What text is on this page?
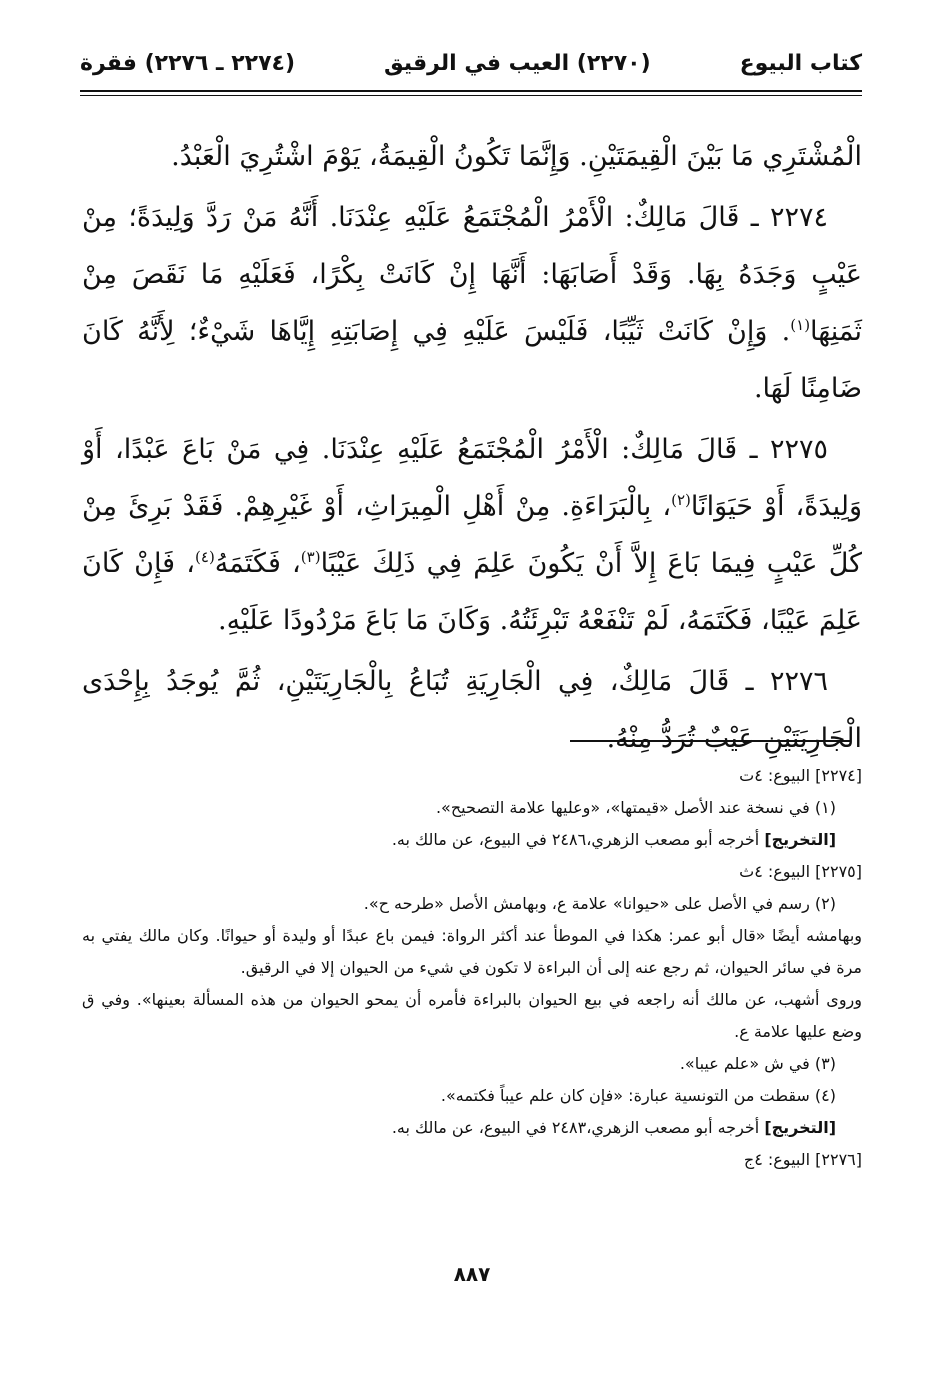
كتاب البيوع
(٢٢٧٠) العيب في الرقيق
(٢٢٧٤ ـ ٢٢٧٦) فقرة

الْمُشْتَرِي مَا بَيْنَ الْقِيمَتَيْنِ. وَإِنَّمَا تَكُونُ الْقِيمَةُ، يَوْمَ اشْتُرِيَ الْعَبْدُ.

٢٢٧٤ ـ قَالَ مَالِكٌ: الْأَمْرُ الْمُجْتَمَعُ عَلَيْهِ عِنْدَنَا. أَنَّهُ مَنْ رَدَّ وَلِيدَةً؛ مِنْ عَيْبٍ وَجَدَهُ بِهَا. وَقَدْ أَصَابَهَا: أَنَّهَا إِنْ كَانَتْ بِكْرًا، فَعَلَيْهِ مَا نَقَصَ مِنْ ثَمَنِهَا$^{(١)}$. وَإِنْ كَانَتْ ثَيِّبًا، فَلَيْسَ عَلَيْهِ فِي إِصَابَتِهِ إِيَّاهَا شَيْءٌ؛ لِأَنَّهُ كَانَ ضَامِنًا لَهَا.

٢٢٧٥ ـ قَالَ مَالِكٌ: الْأَمْرُ الْمُجْتَمَعُ عَلَيْهِ عِنْدَنَا. فِي مَنْ بَاعَ عَبْدًا، أَوْ وَلِيدَةً، أَوْ حَيَوَانًا$^{(٢)}$، بِالْبَرَاءَةِ. مِنْ أَهْلِ الْمِيرَاثِ، أَوْ غَيْرِهِمْ. فَقَدْ بَرِئَ مِنْ كُلِّ عَيْبٍ فِيمَا بَاعَ إِلاَّ أَنْ يَكُونَ عَلِمَ فِي ذَلِكَ عَيْبًا$^{(٣)}$، فَكَتَمَهُ$^{(٤)}$، فَإِنْ كَانَ عَلِمَ عَيْبًا، فَكَتَمَهُ، لَمْ تَنْفَعْهُ تَبْرِئَتُهُ. وَكَانَ مَا بَاعَ مَرْدُودًا عَلَيْهِ.

٢٢٧٦ ـ قَالَ مَالِكٌ، فِي الْجَارِيَةِ تُبَاعُ بِالْجَارِيَتَيْنِ، ثُمَّ يُوجَدُ بِإِحْدَى الْجَارِيَتَيْنِ عَيْبٌ تُرَدُّ مِنْهُ.

[٢٢٧٤] البيوع: ٤ت

(١) في نسخة عند الأصل «قيمتها»، «وعليها علامة التصحيح».

[التخريج] أخرجه أبو مصعب الزهري،٢٤٨٦ في البيوع، عن مالك به.

[٢٢٧٥] البيوع: ٤ث

(٢) رسم في الأصل على «حيوانا» علامة ع، وبهامش الأصل «طرحه ح».

وبهامشه أيضًا «قال أبو عمر: هكذا في الموطأ عند أكثر الرواة: فيمن باع عبدًا أو وليدة أو حيوانًا. وكان مالك يفتي به مرة في سائر الحيوان، ثم رجع عنه إلى أن البراءة لا تكون في شيء من الحيوان إلا في الرقيق.

وروى أشهب، عن مالك أنه راجعه في بيع الحيوان بالبراءة فأمره أن يمحو الحيوان من هذه المسألة بعينها». وفي ق وضع عليها علامة ع.

(٣) في ش «علم عيبا».

(٤) سقطت من التونسية عبارة: «فإن كان علم عيباً فكتمه».

[التخريج] أخرجه أبو مصعب الزهري،٢٤٨٣ في البيوع، عن مالك به.

[٢٢٧٦] البيوع: ٤ج

٨٨٧
